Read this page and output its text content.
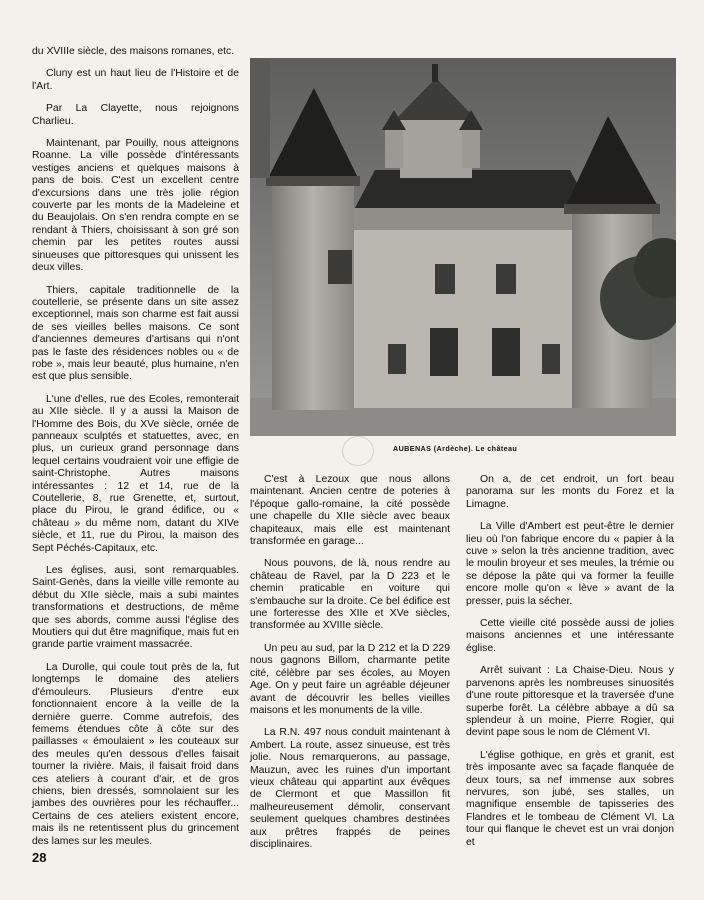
du XVIIIe siècle, des maisons romanes, etc.

Cluny est un haut lieu de l'Histoire et de l'Art.

Par La Clayette, nous rejoignons Charlieu.

Maintenant, par Pouilly, nous atteignons Roanne. La ville possède d'intéressants vestiges anciens et quelques maisons à pans de bois. C'est un excellent centre d'excursions dans une très jolie région couverte par les monts de la Madeleine et du Beaujolais. On s'en rendra compte en se rendant à Thiers, choisissant à son gré son chemin par les petites routes aussi sinueuses que pittoresques qui unissent les deux villes.

Thiers, capitale traditionnelle de la coutellerie, se présente dans un site assez exceptionnel, mais son charme est fait aussi de ses vieilles belles maisons. Ce sont d'anciennes demeures d'artisans qui n'ont pas le faste des résidences nobles ou « de robe », mais leur beauté, plus humaine, n'en est que plus sensible.

L'une d'elles, rue des Ecoles, remonterait au XIIe siècle. Il y a aussi la Maison de l'Homme des Bois, du XVe siècle, ornée de panneaux sculptés et statuettes, avec, en plus, un curieux grand personnage dans lequel certains voudraient voir une effigie de saint-Christophe. Autres maisons intéressantes : 12 et 14, rue de la Coutellerie, 8, rue Grenette, et, surtout, place du Pirou, le grand édifice, ou « château » du même nom, datant du XIVe siècle, et 11, rue du Pirou, la maison des Sept Péchés-Capitaux, etc.

Les églises, ausi, sont remarquables. Saint-Genès, dans la vieille ville remonte au début du XIIe siècle, mais a subi maintes transformations et destructions, de même que ses abords, comme aussi l'église des Moutiers qui dut être magnifique, mais fut en grande partie vraiment massacrée.

La Durolle, qui coule tout près de la, fut longtemps le domaine des ateliers d'émouleurs. Plusieurs d'entre eux fonctionnaient encore à la veille de la dernière guerre. Comme autrefois, des femems étendues côte à côte sur des paillasses « émoulaient » les couteaux sur des meules qu'en dessous d'elles faisait tourner la rivière. Mais, il faisait froid dans ces ateliers à courant d'air, et de gros chiens, bien dressés, somnolaient sur les jambes des ouvrières pour les réchauffer... Certains de ces ateliers existent encore, mais ils ne retentissent plus du grincement des lames sur les meules.

AUBENAS (Ardèche). Le château

C'est à Lezoux que nous allons maintenant. Ancien centre de poteries à l'époque gallo-romaine, la cité possède une chapelle du XIIe siècle avec beaux chapiteaux, mais elle est maintenant transformée en garage...

Nous pouvons, de là, nous rendre au château de Ravel, par la D 223 et le chemin praticable en voiture qui s'embauche sur la droite. Ce bel édifice est une forteresse des XIIe et XVe siècles, transformée au XVIIIe siècle.

Un peu au sud, par la D 212 et la D 229 nous gagnons Billom, charmante petite cité, célèbre par ses écoles, au Moyen Age. On y peut faire un agréable déjeuner avant de découvrir les belles vieilles maisons et les monuments de la ville.

La R.N. 497 nous conduit maintenant à Ambert. La route, assez sinueuse, est très jolie. Nous remarquerons, au passage, Mauzun, avec les ruines d'un important vieux château qui appartint aux évêques de Clermont et que Massillon fit malheureusement démolir, conservant seulement quelques chambres destinées aux prêtres frappés de peines disciplinaires.

On a, de cet endroit, un fort beau panorama sur les monts du Forez et la Limagne.

La Ville d'Ambert est peut-être le dernier lieu où l'on fabrique encore du « papier à la cuve » selon la très ancienne tradition, avec le moulin broyeur et ses meules, la trémie ou se dépose la pâte qui va former la feuille encore molle qu'on « lève » avant de la presser, puis la sécher.

Cette vieille cité possède aussi de jolies maisons anciennes et une intéressante église.

Arrêt suivant : La Chaise-Dieu. Nous y parvenons après les nombreuses sinuosités d'une route pittoresque et la traversée d'une superbe forêt. La célèbre abbaye a dû sa splendeur à un moine, Pierre Rogier, qui devint pape sous le nom de Clément VI.

L'église gothique, en grès et granit, est très imposante avec sa façade flanquée de deux tours, sa nef immense aux sobres nervures, son jubé, ses stalles, un magnifique ensemble de tapisseries des Flandres et le tombeau de Clément VI. La tour qui flanque le chevet est un vrai donjon et

28
